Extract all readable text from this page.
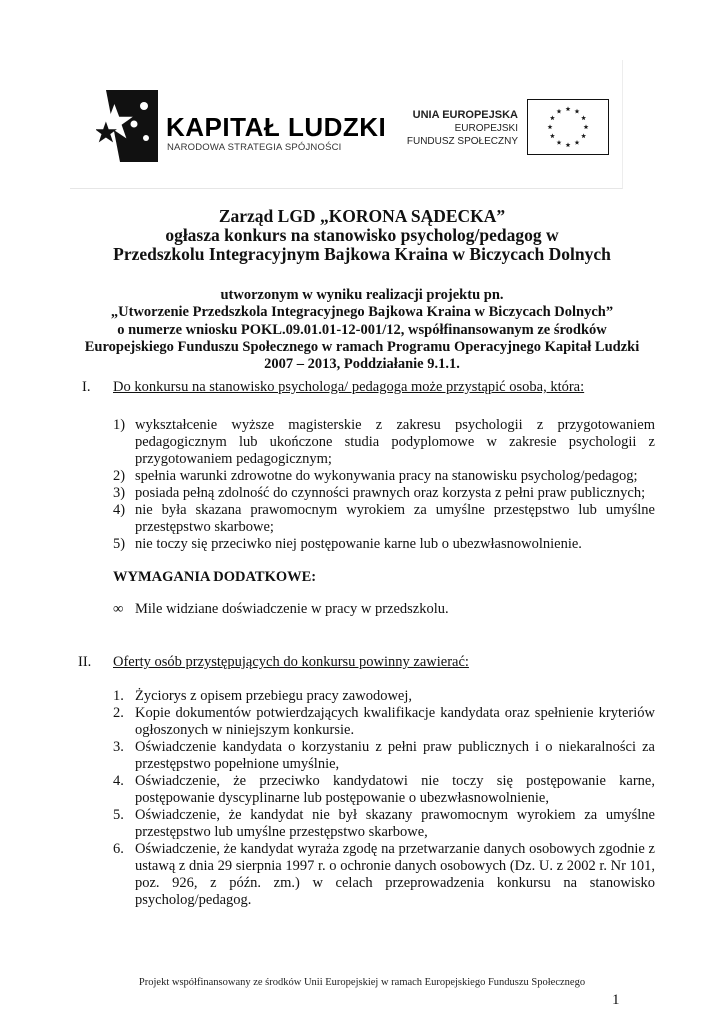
KAPITAŁ LUDZKI
NARODOWA STRATEGIA SPÓJNOŚCI
UNIA EUROPEJSKA
EUROPEJSKI
FUNDUSZ SPOŁECZNY
Zarząd LGD „KORONA SĄDECKA”
ogłasza konkurs na stanowisko psycholog/pedagog w
Przedszkolu Integracyjnym Bajkowa Kraina w Biczycach Dolnych
utworzonym w wyniku realizacji projektu pn.
„Utworzenie Przedszkola Integracyjnego Bajkowa Kraina w Biczycach Dolnych”
o numerze wniosku POKL.09.01.01-12-001/12, współfinansowanym ze środków
Europejskiego Funduszu Społecznego w ramach Programu Operacyjnego Kapitał Ludzki
2007 – 2013, Poddziałanie 9.1.1.
I. Do konkursu na stanowisko psychologa/ pedagoga może przystąpić osoba, która:
1) wykształcenie wyższe magisterskie z zakresu psychologii z przygotowaniem pedagogicznym lub ukończone studia podyplomowe w zakresie psychologii z przygotowaniem pedagogicznym;
2) spełnia warunki zdrowotne do wykonywania pracy na stanowisku psycholog/pedagog;
3) posiada pełną zdolność do czynności prawnych oraz korzysta z pełni praw publicznych;
4) nie była skazana prawomocnym wyrokiem za umyślne przestępstwo lub umyślne przestępstwo skarbowe;
5) nie toczy się przeciwko niej postępowanie karne lub o ubezwłasnowolnienie.
WYMAGANIA DODATKOWE:
∞ Mile widziane doświadczenie w pracy w przedszkolu.
II. Oferty osób przystępujących do konkursu powinny zawierać:
1. Życiorys z opisem przebiegu pracy zawodowej,
2. Kopie dokumentów potwierdzających kwalifikacje kandydata oraz spełnienie kryteriów ogłoszonych w niniejszym konkursie.
3. Oświadczenie kandydata o korzystaniu z pełni praw publicznych i o niekaralności za przestępstwo popełnione umyślnie,
4. Oświadczenie, że przeciwko kandydatowi nie toczy się postępowanie karne, postępowanie dyscyplinarne lub postępowanie o ubezwłasnowolnienie,
5. Oświadczenie, że kandydat nie był skazany prawomocnym wyrokiem za umyślne przestępstwo lub umyślne przestępstwo skarbowe,
6. Oświadczenie, że kandydat wyraża zgodę na przetwarzanie danych osobowych zgodnie z ustawą z dnia 29 sierpnia 1997 r. o ochronie danych osobowych (Dz. U. z 2002 r. Nr 101, poz. 926, z późn. zm.) w celach przeprowadzenia konkursu na stanowisko psycholog/pedagog.
Projekt współfinansowany ze środków Unii Europejskiej w ramach Europejskiego Funduszu Społecznego
1
